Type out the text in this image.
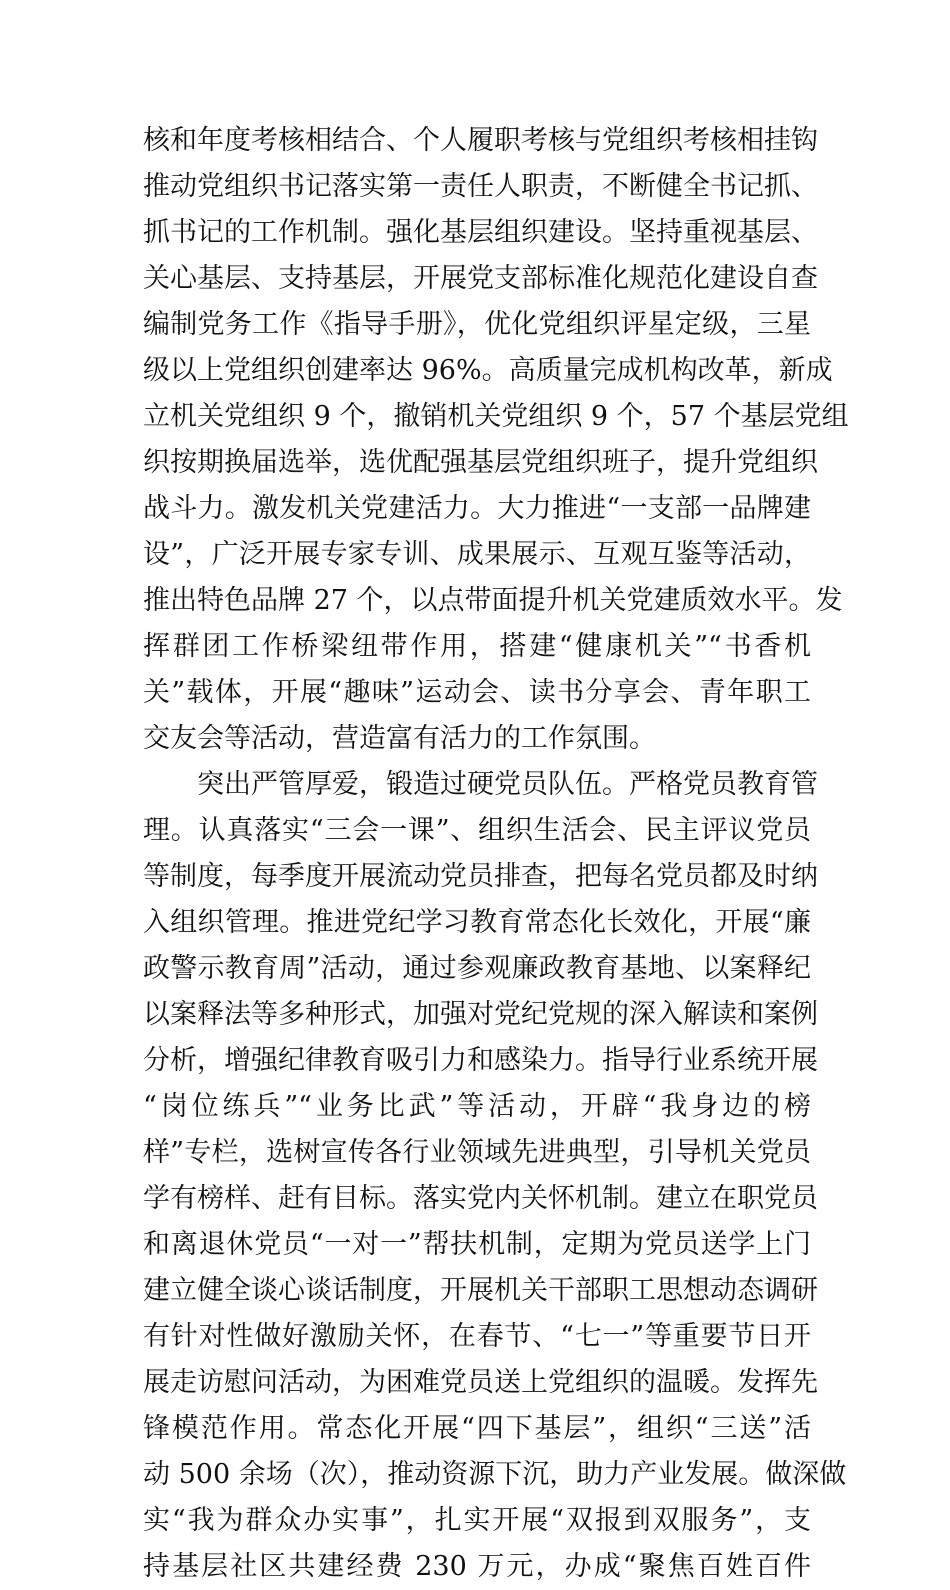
核和年度考核相结合、个人履职考核与党组织考核相挂钩
推动党组织书记落实第一责任人职责，不断健全书记抓、
抓书记的工作机制。强化基层组织建设。坚持重视基层、
关心基层、支持基层，开展党支部标准化规范化建设自查
编制党务工作《指导手册》，优化党组织评星定级，三星
级以上党组织创建率达 96%。高质量完成机构改革，新成
立机关党组织 9 个，撤销机关党组织 9 个，57 个基层党组
织按期换届选举，选优配强基层党组织班子，提升党组织
战斗力。激发机关党建活力。大力推进“一支部一品牌建
设”，广泛开展专家专训、成果展示、互观互鉴等活动，
推出特色品牌 27 个，以点带面提升机关党建质效水平。发
挥群团工作桥梁纽带作用，搭建“健康机关”“书香机
关”载体，开展“趣味”运动会、读书分享会、青年职工
交友会等活动，营造富有活力的工作氛围。
突出严管厚爱，锻造过硬党员队伍。严格党员教育管
理。认真落实“三会一课”、组织生活会、民主评议党员
等制度，每季度开展流动党员排查，把每名党员都及时纳
入组织管理。推进党纪学习教育常态化长效化，开展“廉
政警示教育周”活动，通过参观廉政教育基地、以案释纪
以案释法等多种形式，加强对党纪党规的深入解读和案例
分析，增强纪律教育吸引力和感染力。指导行业系统开展
“岗位练兵”“业务比武”等活动，开辟“我身边的榜
样”专栏，选树宣传各行业领域先进典型，引导机关党员
学有榜样、赶有目标。落实党内关怀机制。建立在职党员
和离退休党员“一对一”帮扶机制，定期为党员送学上门
建立健全谈心谈话制度，开展机关干部职工思想动态调研
有针对性做好激励关怀，在春节、“七一”等重要节日开
展走访慰问活动，为困难党员送上党组织的温暖。发挥先
锋模范作用。常态化开展“四下基层”，组织“三送”活
动 500 余场（次），推动资源下沉，助力产业发展。做深做
实“我为群众办实事”，扎实开展“双报到双服务”，支
持基层社区共建经费 230 万元，办成“聚焦百姓百件
